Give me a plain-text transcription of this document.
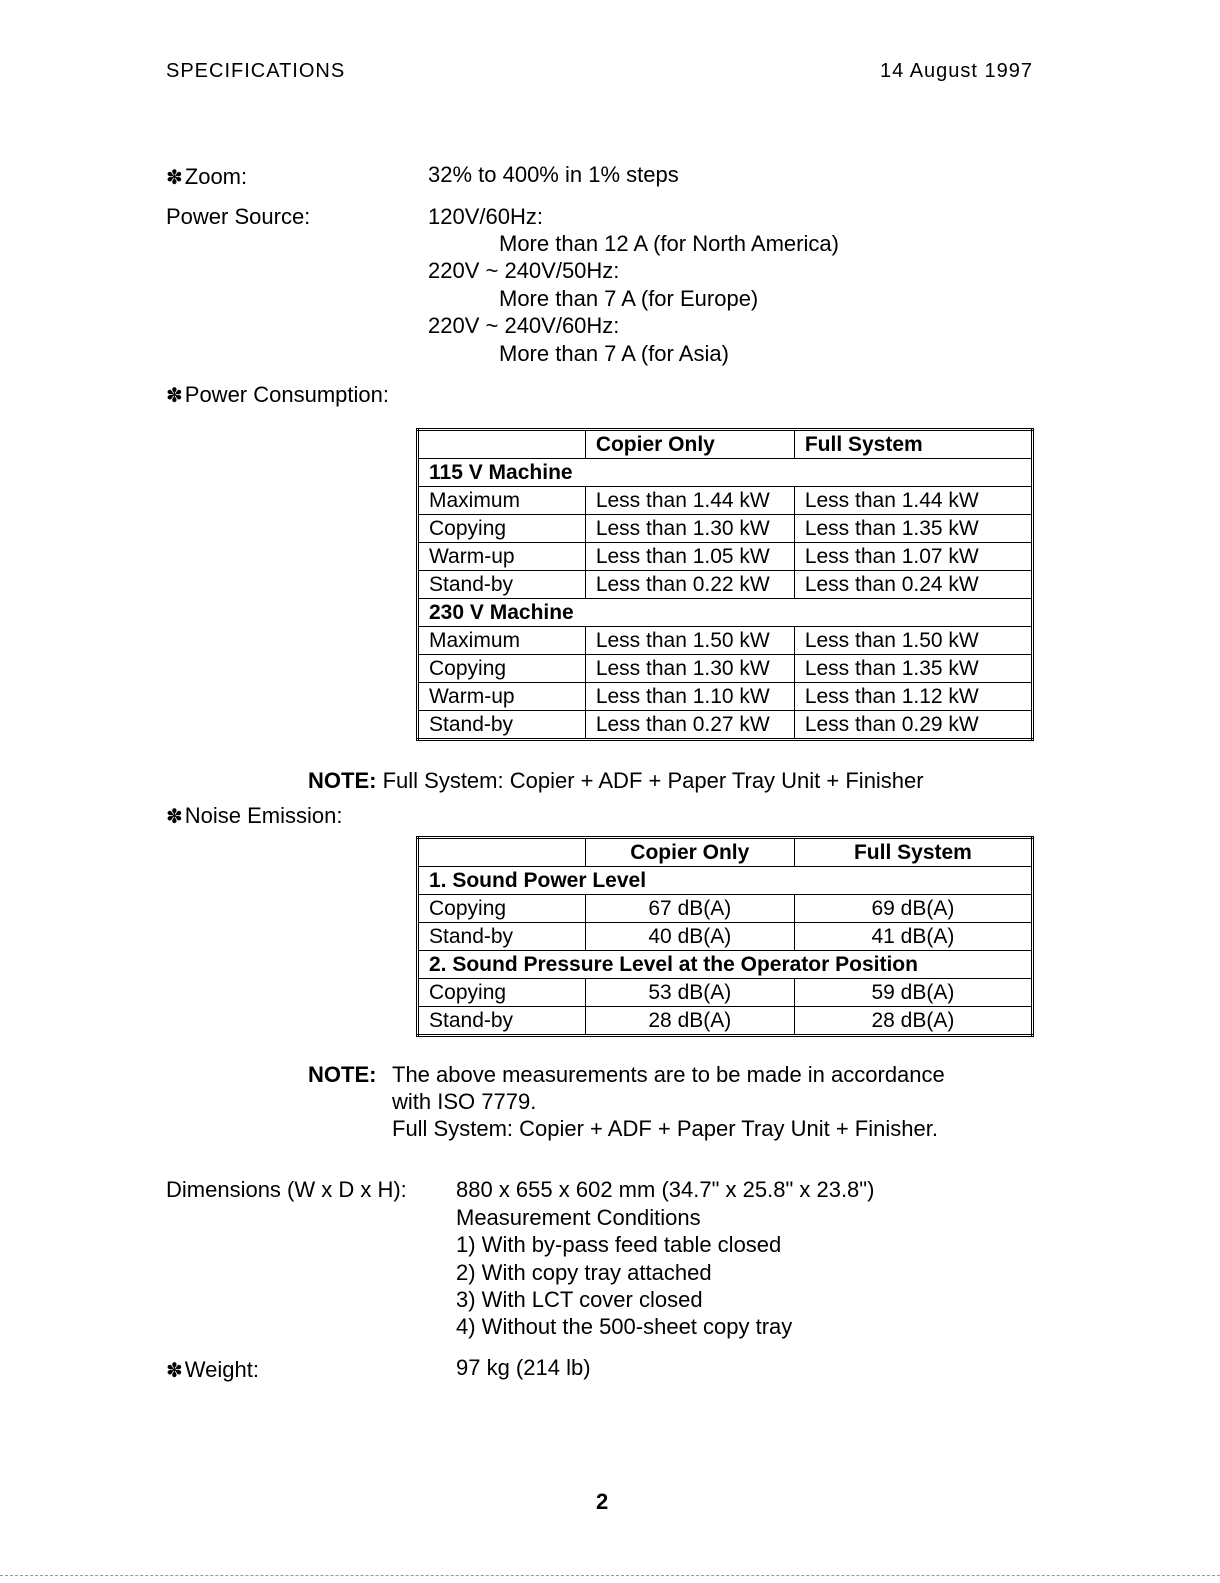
SPECIFICATIONS	14 August 1997
✽Zoom:	32% to 400% in 1% steps
Power Source:	120V/60Hz:
More than 12 A (for North America)
220V ~ 240V/50Hz:
More than 7 A (for Europe)
220V ~ 240V/60Hz:
More than 7 A (for Asia)
✽Power Consumption:
	Copier Only	Full System
115 V Machine		
Maximum	Less than 1.44 kW	Less than 1.44 kW
Copying	Less than 1.30 kW	Less than 1.35 kW
Warm-up	Less than 1.05 kW	Less than 1.07 kW
Stand-by	Less than 0.22 kW	Less than 0.24 kW
230 V Machine		
Maximum	Less than 1.50 kW	Less than 1.50 kW
Copying	Less than 1.30 kW	Less than 1.35 kW
Warm-up	Less than 1.10 kW	Less than 1.12 kW
Stand-by	Less than 0.27 kW	Less than 0.29 kW
NOTE: Full System: Copier + ADF + Paper Tray Unit + Finisher
✽Noise Emission:
	Copier Only	Full System
1. Sound Power Level		
Copying	67 dB(A)	69 dB(A)
Stand-by	40 dB(A)	41 dB(A)
2. Sound Pressure Level at the Operator Position		
Copying	53 dB(A)	59 dB(A)
Stand-by	28 dB(A)	28 dB(A)
NOTE: The above measurements are to be made in accordance
with ISO 7779.
Full System: Copier + ADF + Paper Tray Unit + Finisher.
Dimensions (W x D x H): 880 x 655 x 602 mm (34.7" x 25.8" x 23.8")
Measurement Conditions
1) With by-pass feed table closed
2) With copy tray attached
3) With LCT cover closed
4) Without the 500-sheet copy tray
✽Weight:	97 kg (214 lb)
2
